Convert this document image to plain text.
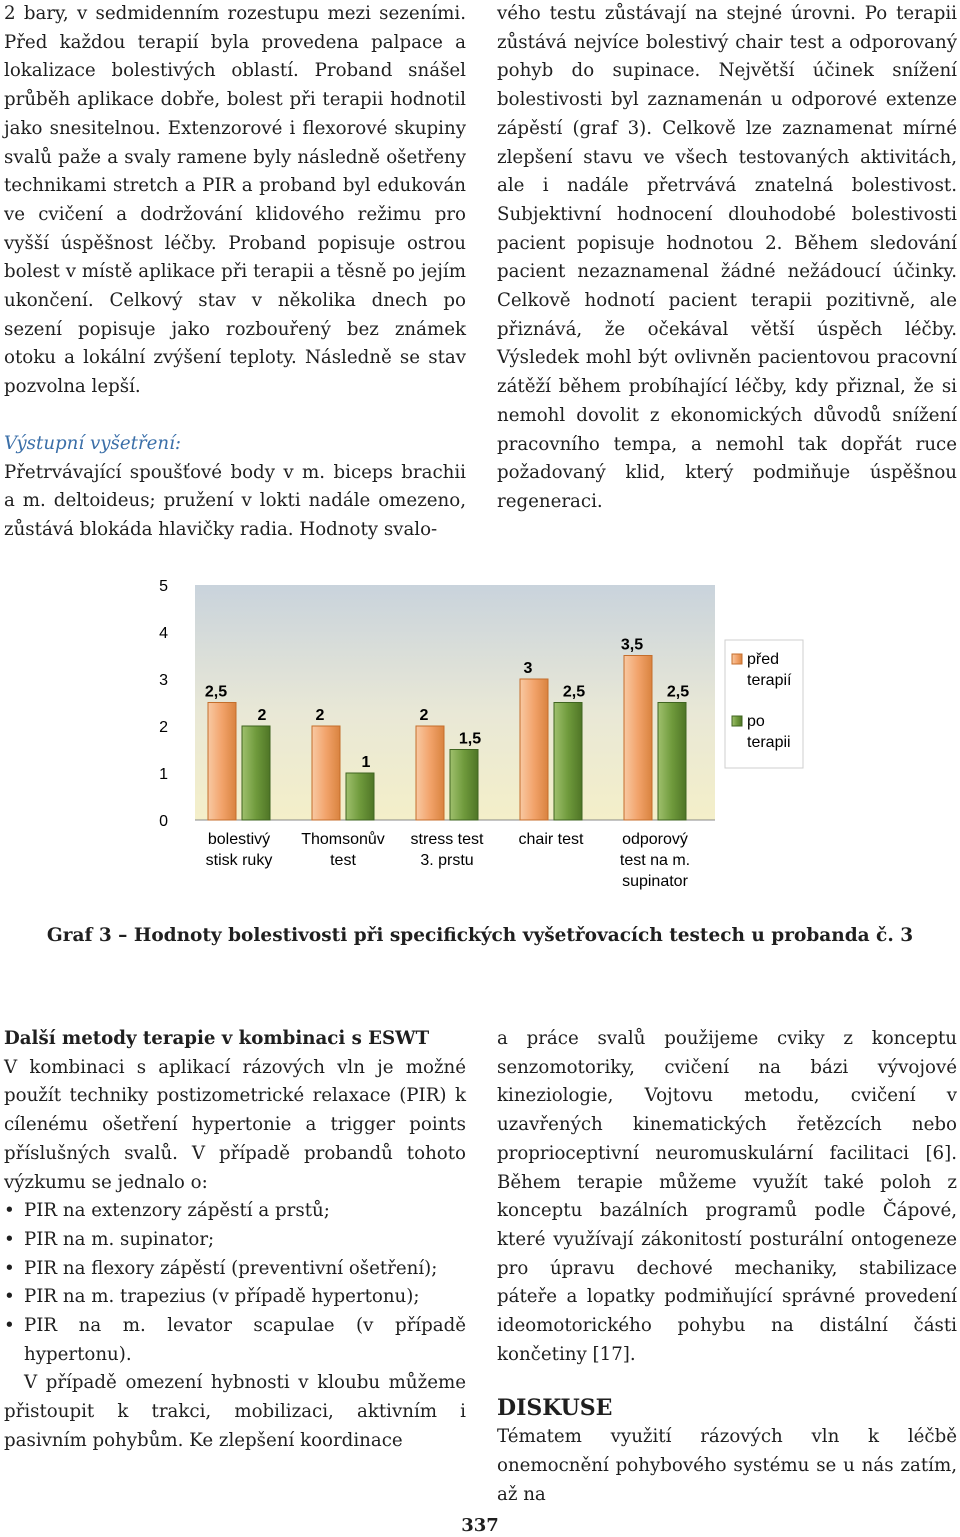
2 bary, v sedmidenním rozestupu mezi sezeními. Před každou terapií byla provedena palpace a lokalizace bolestivých oblastí. Proband snášel průběh aplikace dobře, bolest při terapii hodnotil jako snesitelnou. Extenzorové i flexorové skupiny svalů paže a svaly ramene byly následně ošetřeny technikami stretch a PIR a proband byl edukován ve cvičení a dodržování klidového režimu pro vyšší úspěšnost léčby. Proband popisuje ostrou bolest v místě aplikace při terapii a těsně po jejím ukončení. Celkový stav v několika dnech po sezení popisuje jako rozbouřený bez známek otoku a lokální zvýšení teploty. Následně se stav pozvolna lepší.

Výstupní vyšetření:

Přetrvávající spoušťové body v m. biceps brachii a m. deltoideus; pružení v lokti nadále omezeno, zůstává blokáda hlavičky radia. Hodnoty svalo-

vého testu zůstávají na stejné úrovni. Po terapii zůstává nejvíce bolestivý chair test a odporovaný pohyb do supinace. Největší účinek snížení bolestivosti byl zaznamenán u odporové extenze zápěstí (graf 3). Celkově lze zaznamenat mírné zlepšení stavu ve všech testovaných aktivitách, ale i nadále přetrvává znatelná bolestivost. Subjektivní hodnocení dlouhodobé bolestivosti pacient popisuje hodnotou 2. Během sledování pacient nezaznamenal žádné nežádoucí účinky. Celkově hodnotí pacient terapii pozitivně, ale přiznává, že očekával větší úspěch léčby. Výsledek mohl být ovlivněn pacientovou pracovní zátěží během probíhající léčby, kdy přiznal, že si nemohl dovolit z ekonomických důvodů snížení pracovního tempa, a nemohl tak dopřát ruce požadovaný klid, který podmiňuje úspěšnou regeneraci.

0
1
2
3
4
5
2,5
2	2
1
2
1,5
3
2,5
3,5
2,5
bolestivý stisk ruky
Thomsonův test
stress test 3. prstu
chair test odporový test na m. supinator
před terapií
po terapii
Graf 3 – Hodnoty bolestivosti při specifických vyšetřovacích testech u probanda č. 3

Další metody terapie v kombinaci s ESWT

V kombinaci s aplikací rázových vln je možné použít techniky postizometrické relaxace (PIR) k cílenému ošetření hypertonie a trigger points příslušných svalů. V případě probandů tohoto výzkumu se jednalo o:

• PIR na extenzory zápěstí a prstů;
• PIR na m. supinator;
• PIR na flexory zápěstí (preventivní ošetření);
• PIR na m. trapezius (v případě hypertonu);
• PIR na m. levator scapulae (v případě hypertonu).

V případě omezení hybnosti v kloubu můžeme přistoupit k trakci, mobilizaci, aktivním i pasivním pohybům. Ke zlepšení koordinace

a práce svalů použijeme cviky z konceptu senzomotoriky, cvičení na bázi vývojové kineziologie, Vojtovu metodu, cvičení v uzavřených kinematických řetězcích nebo proprioceptivní neuromuskulární facilitaci [6]. Během terapie můžeme využít také poloh z konceptu bazálních programů podle Čápové, které využívají zákonitostí posturální ontogeneze pro úpravu dechové mechaniky, stabilizace páteře a lopatky podmiňující správné provedení ideomotorického pohybu na distální části končetiny [17].

DISKUSE

Tématem využití rázových vln k léčbě onemocnění pohybového systému se u nás zatím, až na

337
